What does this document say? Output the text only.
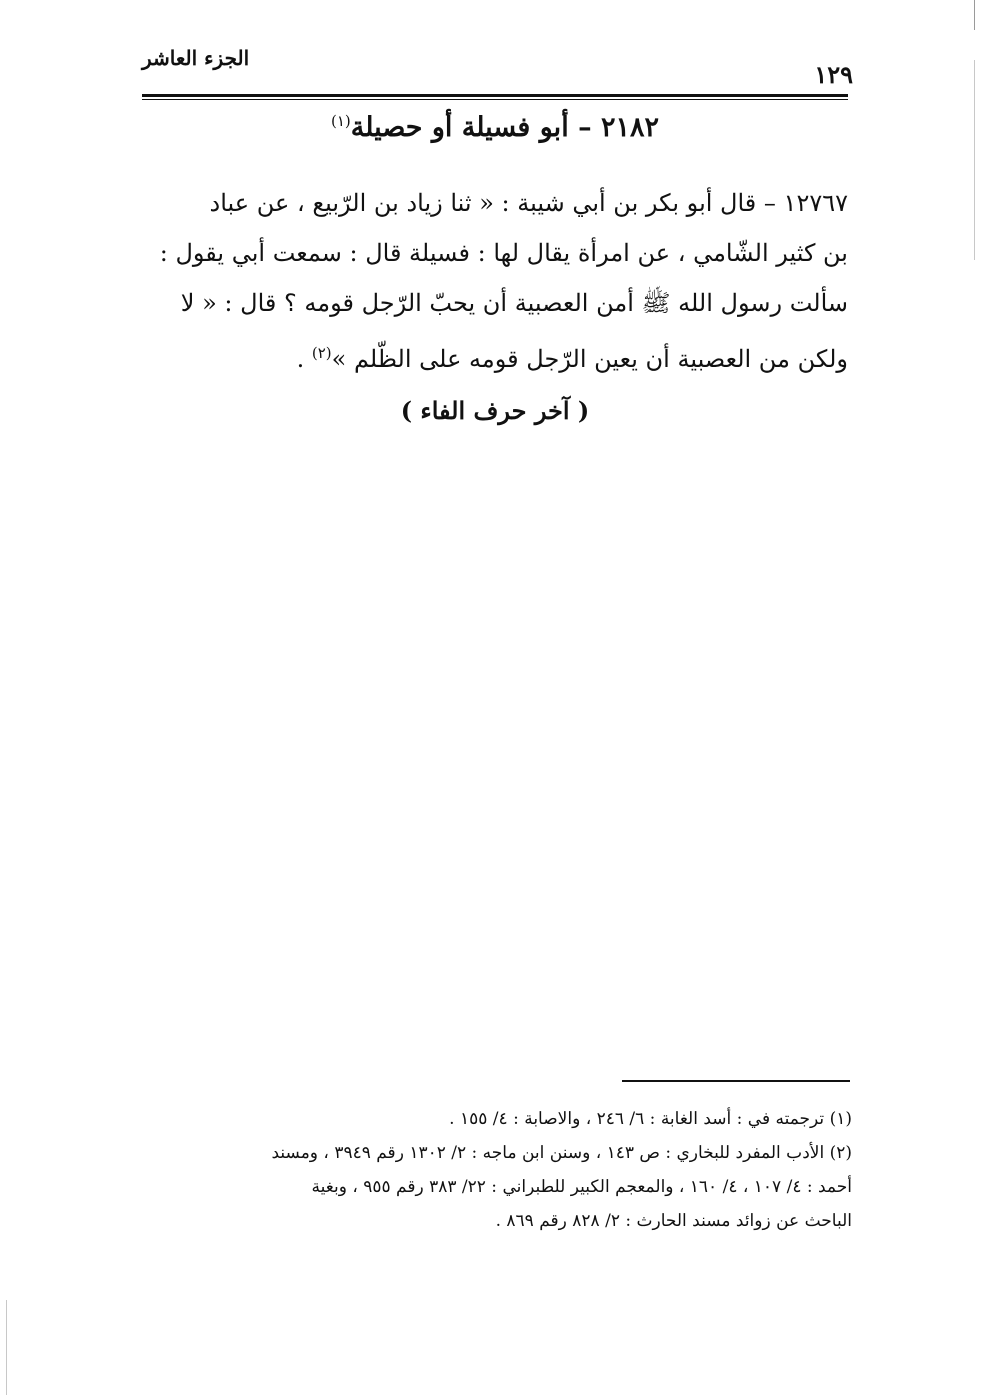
الجزء العاشر
١٢٩
٢١٨٢ – أبو فسيلة أو حصيلة$^{(١)}$
١٢٧٦٧ – قال أبو بكر بن أبي شيبة : « ثنا زياد بن الرّبيع ، عن عباد
بن كثير الشّامي ، عن امرأة يقال لها : فسيلة قال : سمعت أبي يقول :
سألت رسول الله ﷺ أمن العصبية أن يحبّ الرّجل قومه ؟ قال : « لا
ولكن من العصبية أن يعين الرّجل قومه على الظّلم »$^{(٢)}$ .
( آخر حرف الفاء )
(١) ترجمته في : أسد الغابة : ٦/ ٢٤٦ ، والاصابة : ٤/ ١٥٥ .
(٢) الأدب المفرد للبخاري : ص ١٤٣ ، وسنن ابن ماجه : ٢/ ١٣٠٢ رقم ٣٩٤٩ ، ومسند
أحمد : ٤/ ١٠٧ ، ٤/ ١٦٠ ، والمعجم الكبير للطبراني : ٢٢/ ٣٨٣ رقم ٩٥٥ ، وبغية
الباحث عن زوائد مسند الحارث : ٢/ ٨٢٨ رقم ٨٦٩ .
